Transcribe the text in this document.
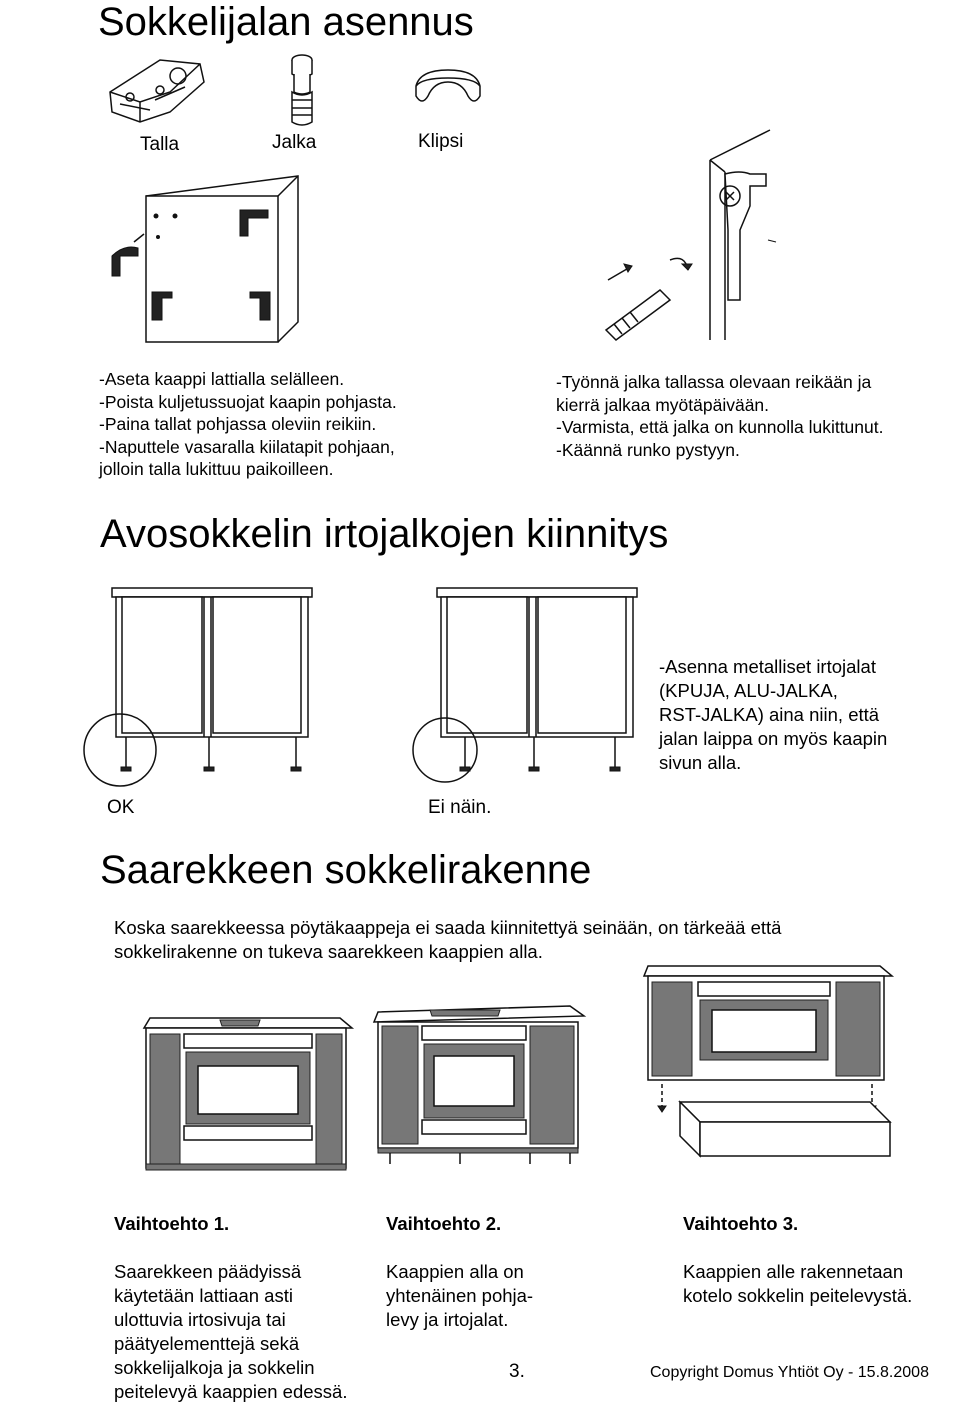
Sokkelijalan asennus
Talla	Jalka	Klipsi
-Aseta kaappi lattialla selälleen.
-Poista kuljetussuojat kaapin pohjasta.
-Paina tallat pohjassa oleviin reikiin.
-Naputtele vasaralla kiilatapit pohjaan,
jolloin talla lukittuu paikoilleen.
-Työnnä jalka tallassa olevaan reikään ja
kierrä jalkaa myötäpäivään.
-Varmista, että jalka on kunnolla lukittunut.
-Käännä runko pystyyn.
Avosokkelin irtojalkojen kiinnitys
OK	Ei näin.
-Asenna metalliset irtojalat
(KPUJA, ALU-JALKA,
RST-JALKA) aina niin, että
jalan laippa on myös kaapin
sivun alla.
Saarekkeen sokkelirakenne
Koska saarekkeessa pöytäkaappeja ei saada kiinnitettyä seinään, on tärkeää että
sokkelirakenne on tukeva saarekkeen kaappien alla.

Vaihtoehto 1.

Saarekkeen päädyissä
käytetään lattiaan asti
ulottuvia irtosivuja tai
päätyelementtejä sekä
sokkelijalkoja ja sokkelin
peitelevyä kaappien edessä.

Vaihtoehto 2.

Kaappien alla on
yhtenäinen pohja-
levy ja irtojalat.

Vaihtoehto 3.

Kaappien alle rakennetaan
kotelo sokkelin peitelevystä.

3.	Copyright Domus Yhtiöt Oy - 15.8.2008
